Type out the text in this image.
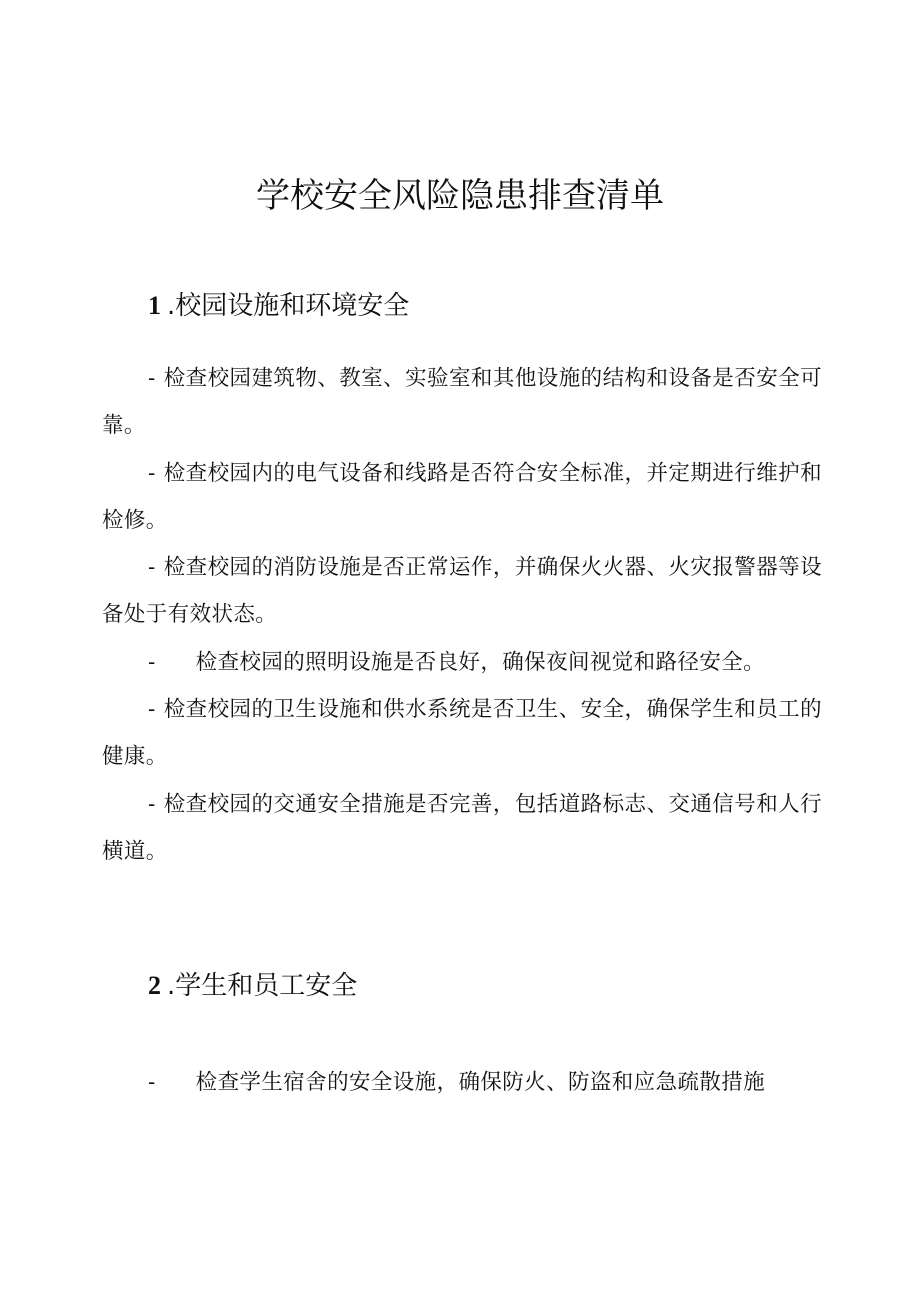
学校安全风险隐患排查清单
1 .校园设施和环境安全

- 检查校园建筑物、教室、实验室和其他设施的结构和设备是否安全可靠。

- 检查校园内的电气设备和线路是否符合安全标准，并定期进行维护和检修。

- 检查校园的消防设施是否正常运作，并确保火火器、火灾报警器等设备处于有效状态。

- 检查校园的照明设施是否良好，确保夜间视觉和路径安全。

- 检查校园的卫生设施和供水系统是否卫生、安全，确保学生和员工的健康。

- 检查校园的交通安全措施是否完善，包括道路标志、交通信号和人行横道。

2 .学生和员工安全

- 检查学生宿舍的安全设施，确保防火、防盗和应急疏散措施
